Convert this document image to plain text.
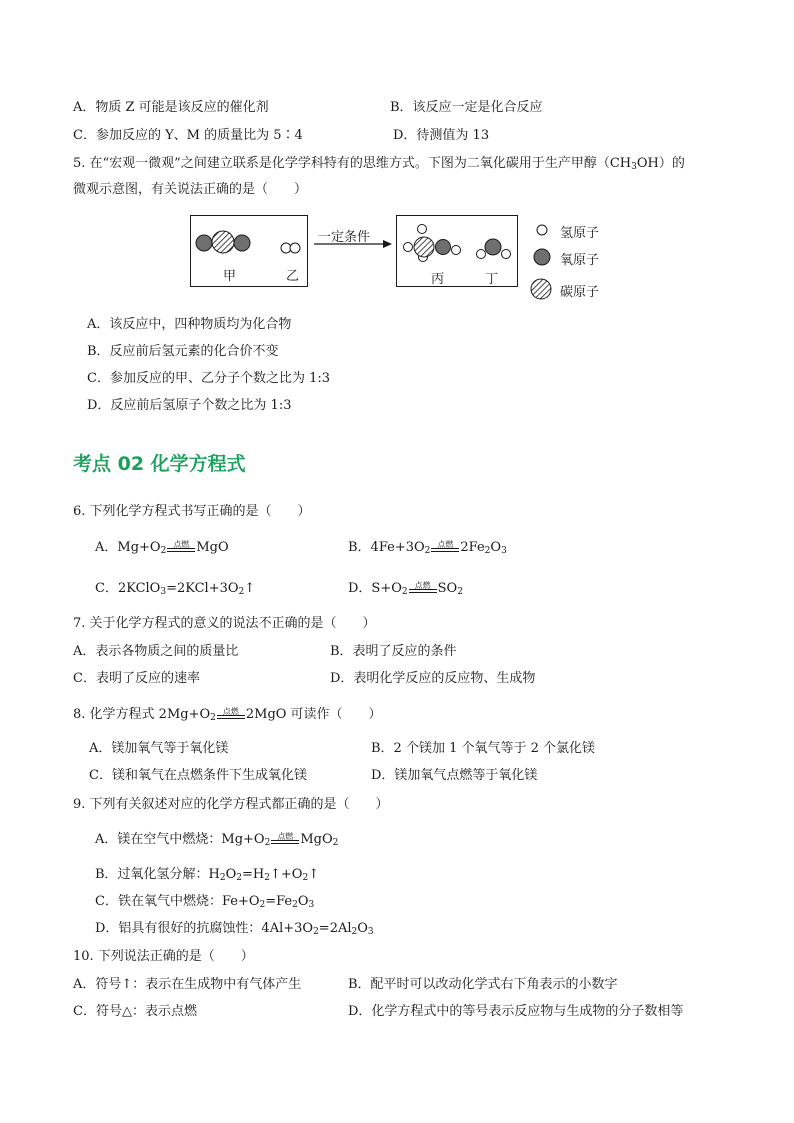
A．物质 Z 可能是该反应的催化剂	B．该反应一定是化合反应
C．参加反应的 Y、M 的质量比为 5∶4	D．待测值为 13
5. 在“宏观一微观”之间建立联系是化学学科特有的思维方式。下图为二氧化碳用于生产甲醇$(CH_3OH)$的
微观示意图，有关说法正确的是（　　）
甲	乙	丙	丁
一定条件	氢原子
氧原子
碳原子
A．该反应中，四种物质均为化合物
B．反应前后氢元素的化合价不变
C．参加反应的甲、乙分子个数之比为 1:3
D．反应前后氢原子个数之比为 1:3
考点 02 化学方程式
6. 下列化学方程式书写正确的是（　　）
A．$Mg+O_2$
点燃 MgO	B．$4Fe+3O_2$
点燃 $2Fe_2O_3$
C．$2KClO_3=2KCl+3O_2↑$	D．$S+O_2$
点燃 $SO_2$
7. 关于化学方程式的意义的说法不正确的是（　　）
A．表示各物质之间的质量比	B．表明了反应的条件
C．表明了反应的速率	D．表明化学反应的反应物、生成物
8. 化学方程式 $2Mg+O_2$
点燃 2MgO 可读作（　　）
A．镁加氧气等于氧化镁	B．2 个镁加 1 个氧气等于 2 个氯化镁
C．镁和氧气在点燃条件下生成氧化镁	D．镁加氧气点燃等于氧化镁
9. 下列有关叙述对应的化学方程式都正确的是（　　）
A．镁在空气中燃烧：$Mg+O_2$
点燃 MgO$_2$
B．过氧化氢分解：$H_2O_2=H_2↑+O_2↑$
C．铁在氧气中燃烧：$Fe+O_2=Fe_2O_3$
D．铝具有很好的抗腐蚀性：$4Al+3O_2=2Al_2O_3$
10. 下列说法正确的是（　　）
A．符号↑：表示在生成物中有气体产生	B．配平时可以改动化学式右下角表示的小数字
C．符号△：表示点燃	D．化学方程式中的等号表示反应物与生成物的分子数相等
